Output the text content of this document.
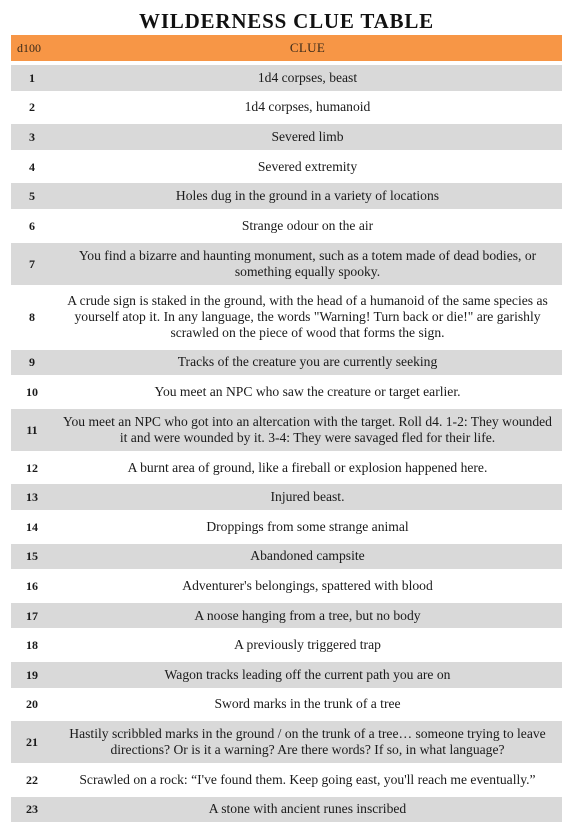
WILDERNESS CLUE TABLE
d100	CLUE
1	1d4 corpses, beast
2	1d4 corpses, humanoid
3	Severed limb
4	Severed extremity
5	Holes dug in the ground in a variety of locations
6	Strange odour on the air
7	You find a bizarre and haunting monument, such as a totem made of dead bodies, or something equally spooky.
8	A crude sign is staked in the ground, with the head of a humanoid of the same species as yourself atop it. In any language, the words "Warning! Turn back or die!" are garishly scrawled on the piece of wood that forms the sign.
9	Tracks of the creature you are currently seeking
10	You meet an NPC who saw the creature or target earlier.
11	You meet an NPC who got into an altercation with the target. Roll d4. 1-2: They wounded it and were wounded by it. 3-4: They were savaged fled for their life.
12	A burnt area of ground, like a fireball or explosion happened here.
13	Injured beast.
14	Droppings from some strange animal
15	Abandoned campsite
16	Adventurer's belongings, spattered with blood
17	A noose hanging from a tree, but no body
18	A previously triggered trap
19	Wagon tracks leading off the current path you are on
20	Sword marks in the trunk of a tree
21	Hastily scribbled marks in the ground / on the trunk of a tree… someone trying to leave directions? Or is it a warning? Are there words? If so, in what language?
22	Scrawled on a rock: “I've found them. Keep going east, you'll reach me eventually.”
23	A stone with ancient runes inscribed
